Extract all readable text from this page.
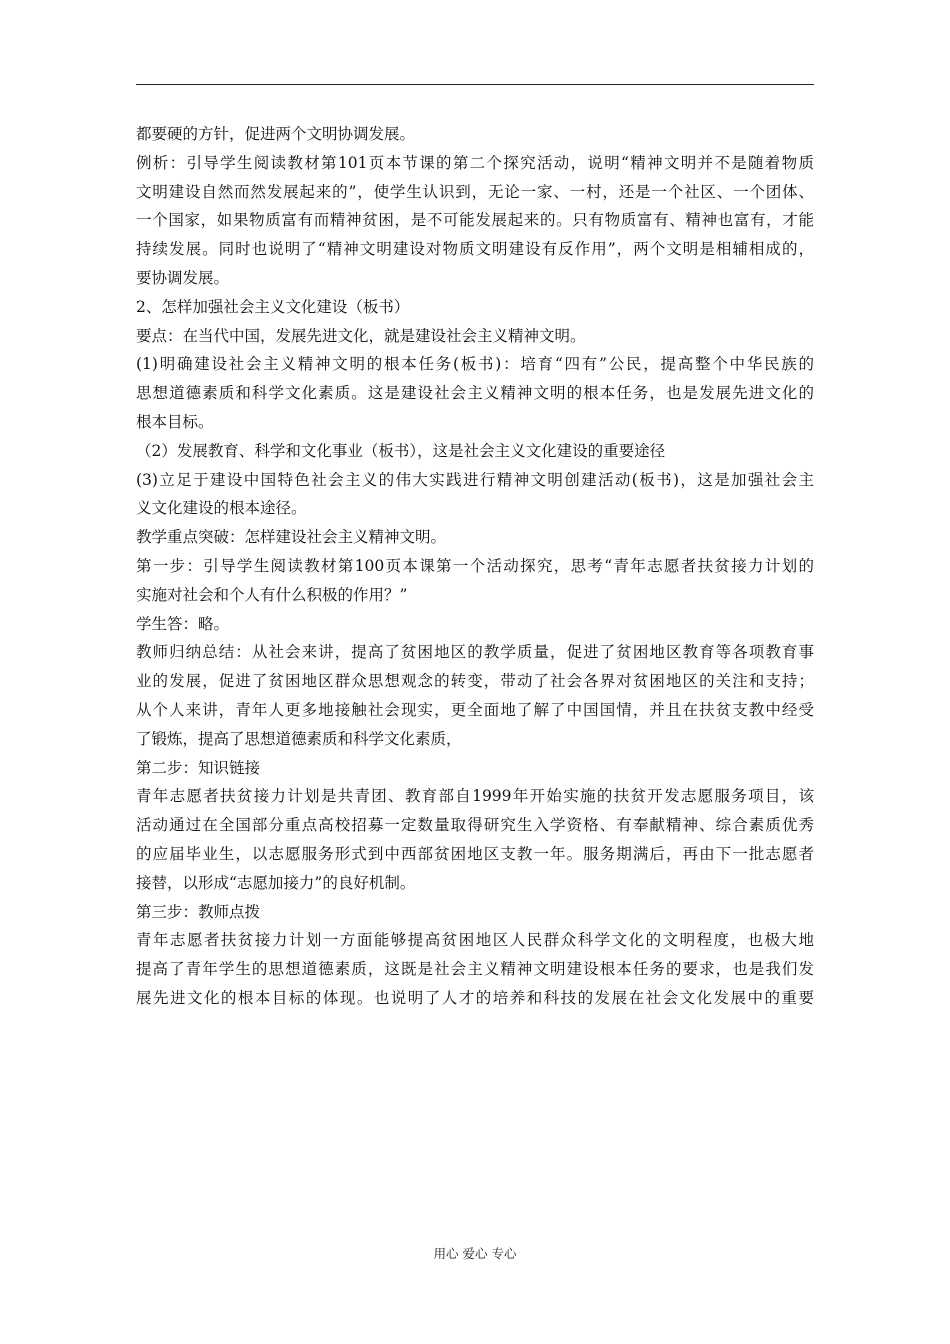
都要硬的方针，促进两个文明协调发展。
例析：引导学生阅读教材第101页本节课的第二个探究活动，说明“精神文明并不是随着物质
文明建设自然而然发展起来的”，使学生认识到，无论一家、一村，还是一个社区、一个团体、
一个国家，如果物质富有而精神贫困，是不可能发展起来的。只有物质富有、精神也富有，才能
持续发展。同时也说明了“精神文明建设对物质文明建设有反作用”，两个文明是相辅相成的，
要协调发展。
2、怎样加强社会主义文化建设（板书）
要点：在当代中国，发展先进文化，就是建设社会主义精神文明。
(1)明确建设社会主义精神文明的根本任务(板书)：培育“四有”公民，提高整个中华民族的
思想道德素质和科学文化素质。这是建设社会主义精神文明的根本任务，也是发展先进文化的
根本目标。
（2）发展教育、科学和文化事业（板书），这是社会主义文化建设的重要途径
(3)立足于建设中国特色社会主义的伟大实践进行精神文明创建活动(板书)，这是加强社会主
义文化建设的根本途径。
教学重点突破：怎样建设社会主义精神文明。
第一步：引导学生阅读教材第100页本课第一个活动探究，思考“青年志愿者扶贫接力计划的
实施对社会和个人有什么积极的作用？”
学生答：略。
教师归纳总结：从社会来讲，提高了贫困地区的教学质量，促进了贫困地区教育等各项教育事
业的发展，促进了贫困地区群众思想观念的转变，带动了社会各界对贫困地区的关注和支持；
从个人来讲，青年人更多地接触社会现实，更全面地了解了中国国情，并且在扶贫支教中经受
了锻炼，提高了思想道德素质和科学文化素质，
第二步：知识链接
青年志愿者扶贫接力计划是共青团、教育部自1999年开始实施的扶贫开发志愿服务项目，该
活动通过在全国部分重点高校招募一定数量取得研究生入学资格、有奉献精神、综合素质优秀
的应届毕业生，以志愿服务形式到中西部贫困地区支教一年。服务期满后，再由下一批志愿者
接替，以形成“志愿加接力”的良好机制。
第三步：教师点拨
青年志愿者扶贫接力计划一方面能够提高贫困地区人民群众科学文化的文明程度，也极大地
提高了青年学生的思想道德素质，这既是社会主义精神文明建设根本任务的要求，也是我们发
展先进文化的根本目标的体现。也说明了人才的培养和科技的发展在社会文化发展中的重要
用心 爱心 专心
